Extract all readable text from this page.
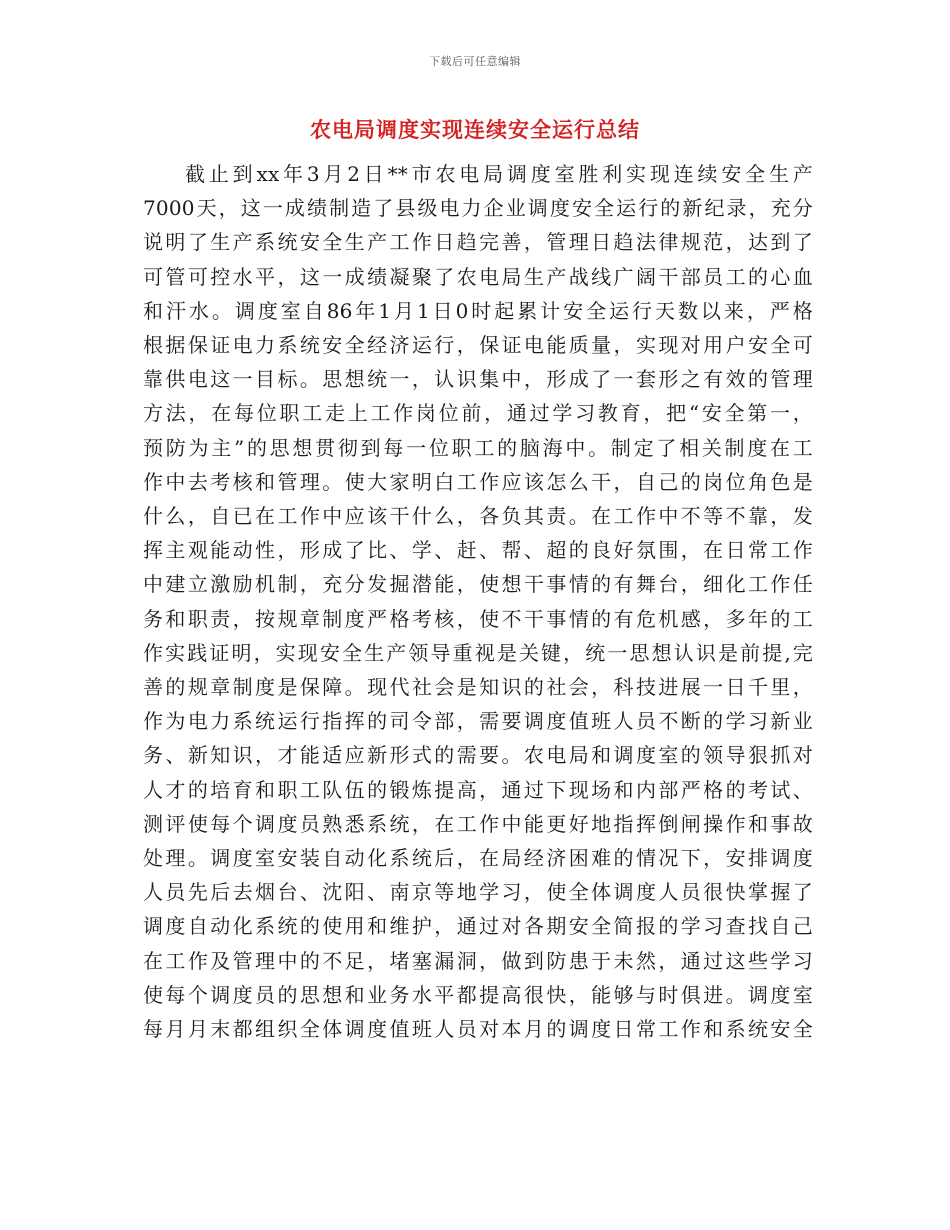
下载后可任意编辑
农电局调度实现连续安全运行总结
截止到xx年3月2日**市农电局调度室胜利实现连续安全生产
7000天，这一成绩制造了县级电力企业调度安全运行的新纪录，充分
说明了生产系统安全生产工作日趋完善，管理日趋法律规范，达到了
可管可控水平，这一成绩凝聚了农电局生产战线广阔干部员工的心血
和汗水。调度室自86年1月1日0时起累计安全运行天数以来，严格
根据保证电力系统安全经济运行，保证电能质量，实现对用户安全可
靠供电这一目标。思想统一，认识集中，形成了一套形之有效的管理
方法，在每位职工走上工作岗位前，通过学习教育，把“安全第一，
预防为主”的思想贯彻到每一位职工的脑海中。制定了相关制度在工
作中去考核和管理。使大家明白工作应该怎么干，自己的岗位角色是
什么，自已在工作中应该干什么，各负其责。在工作中不等不靠，发
挥主观能动性，形成了比、学、赶、帮、超的良好氛围，在日常工作
中建立激励机制，充分发掘潜能，使想干事情的有舞台，细化工作任
务和职责，按规章制度严格考核，使不干事情的有危机感，多年的工
作实践证明，实现安全生产领导重视是关键，统一思想认识是前提,完
善的规章制度是保障。现代社会是知识的社会，科技进展一日千里，
作为电力系统运行指挥的司令部，需要调度值班人员不断的学习新业
务、新知识，才能适应新形式的需要。农电局和调度室的领导狠抓对
人才的培育和职工队伍的锻炼提高，通过下现场和内部严格的考试、
测评使每个调度员熟悉系统，在工作中能更好地指挥倒闸操作和事故
处理。调度室安装自动化系统后，在局经济困难的情况下，安排调度
人员先后去烟台、沈阳、南京等地学习，使全体调度人员很快掌握了
调度自动化系统的使用和维护，通过对各期安全简报的学习查找自己
在工作及管理中的不足，堵塞漏洞，做到防患于未然，通过这些学习
使每个调度员的思想和业务水平都提高很快，能够与时俱进。调度室
每月月末都组织全体调度值班人员对本月的调度日常工作和系统安全
